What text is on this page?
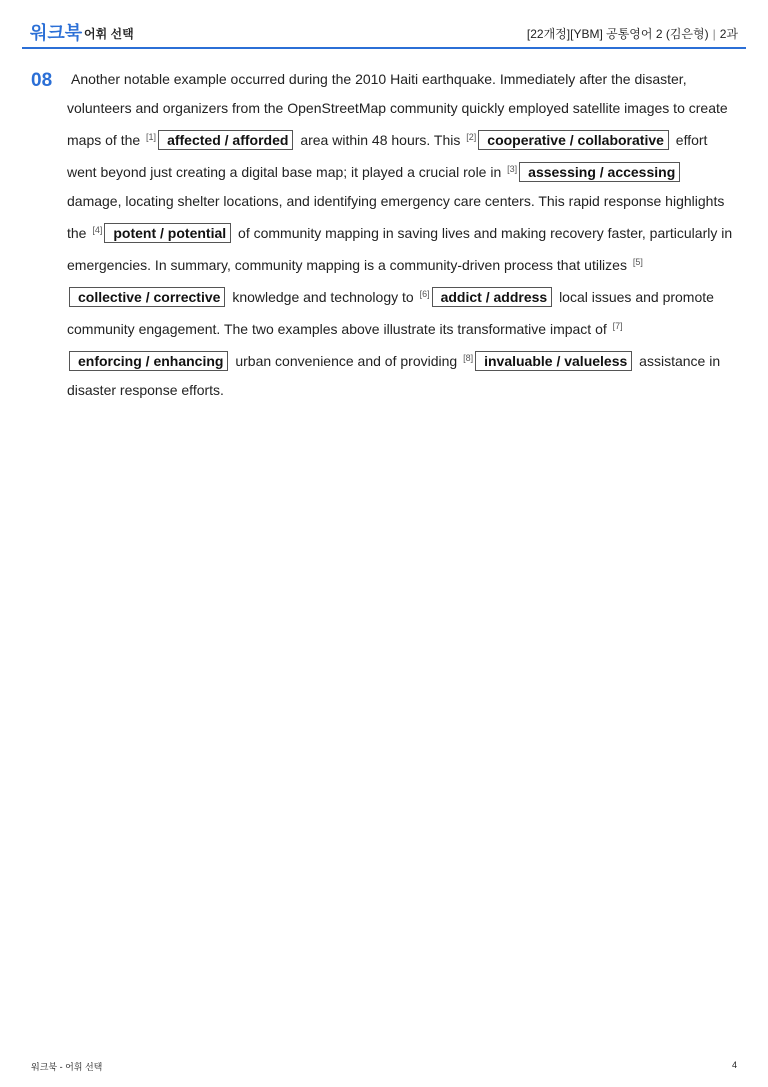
워크북 어휘 선택	[22개정][YBM] 공통영어 2 (김은형) | 2과
08 Another notable example occurred during the 2010 Haiti earthquake. Immediately after the disaster, volunteers and organizers from the OpenStreetMap community quickly employed satellite images to create maps of the [1] affected / afforded area within 48 hours. This [2] cooperative / collaborative effort went beyond just creating a digital base map; it played a crucial role in [3] assessing / accessing damage, locating shelter locations, and identifying emergency care centers. This rapid response highlights the [4] potent / potential of community mapping in saving lives and making recovery faster, particularly in emergencies. In summary, community mapping is a community-driven process that utilizes [5]collective / corrective knowledge and technology to [6] addict / address local issues and promote community engagement. The two examples above illustrate its transformative impact of [7]enforcing / enhancing urban convenience and of providing [8] invaluable / valueless assistance in disaster response efforts.

워크북 - 어휘 선택	4
